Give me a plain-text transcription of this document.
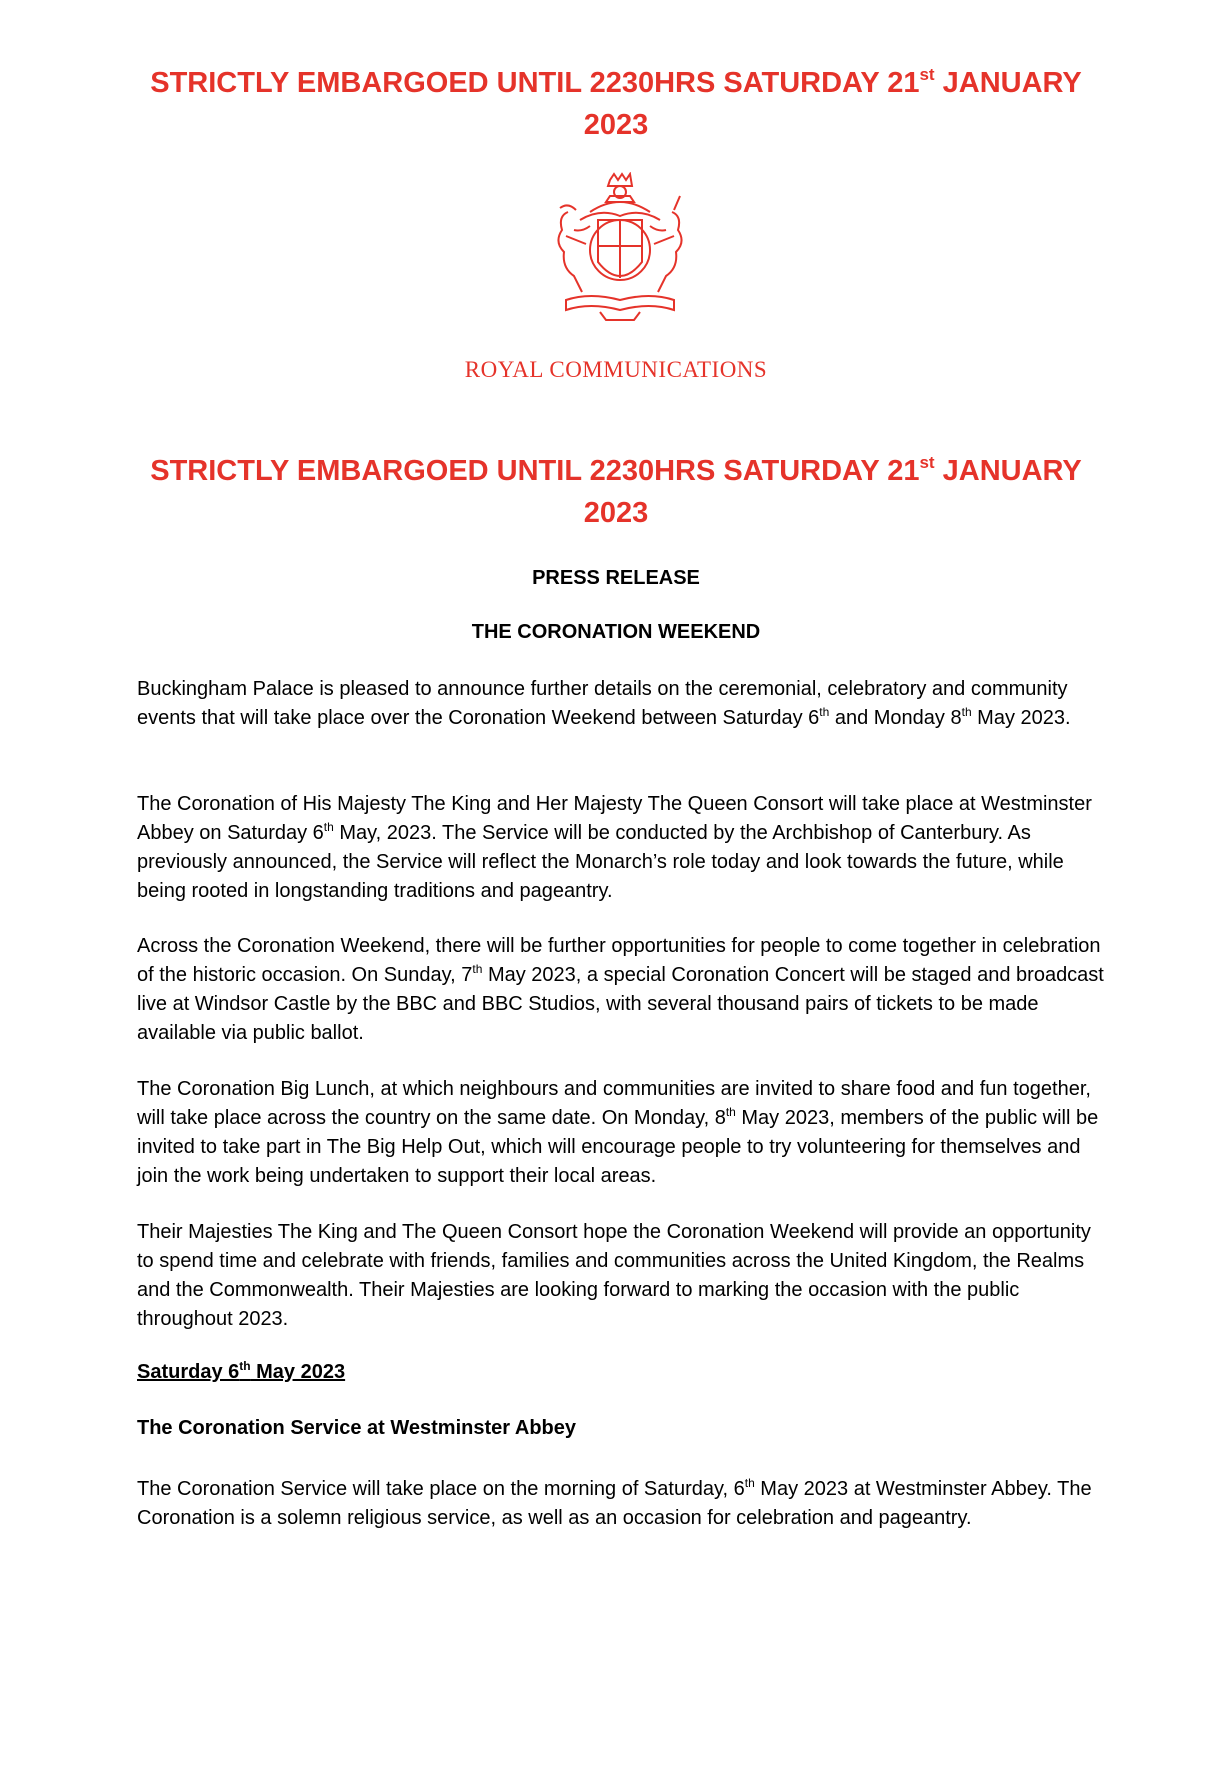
STRICTLY EMBARGOED UNTIL 2230HRS SATURDAY 21st JANUARY
2023
ROYAL COMMUNICATIONS
STRICTLY EMBARGOED UNTIL 2230HRS SATURDAY 21st JANUARY
2023
PRESS RELEASE
THE CORONATION WEEKEND

Buckingham Palace is pleased to announce further details on the ceremonial, celebratory and community events that will take place over the Coronation Weekend between Saturday 6th and Monday 8th May 2023.

The Coronation of His Majesty The King and Her Majesty The Queen Consort will take place at Westminster Abbey on Saturday 6th May, 2023. The Service will be conducted by the Archbishop of Canterbury. As previously announced, the Service will reflect the Monarch’s role today and look towards the future, while being rooted in longstanding traditions and pageantry.

Across the Coronation Weekend, there will be further opportunities for people to come together in celebration of the historic occasion. On Sunday, 7th May 2023, a special Coronation Concert will be staged and broadcast live at Windsor Castle by the BBC and BBC Studios, with several thousand pairs of tickets to be made available via public ballot.

The Coronation Big Lunch, at which neighbours and communities are invited to share food and fun together, will take place across the country on the same date. On Monday, 8th May 2023, members of the public will be invited to take part in The Big Help Out, which will encourage people to try volunteering for themselves and join the work being undertaken to support their local areas.

Their Majesties The King and The Queen Consort hope the Coronation Weekend will provide an opportunity to spend time and celebrate with friends, families and communities across the United Kingdom, the Realms and the Commonwealth. Their Majesties are looking forward to marking the occasion with the public throughout 2023.

Saturday 6th May 2023
The Coronation Service at Westminster Abbey

The Coronation Service will take place on the morning of Saturday, 6th May 2023 at Westminster Abbey. The Coronation is a solemn religious service, as well as an occasion for celebration and pageantry.
